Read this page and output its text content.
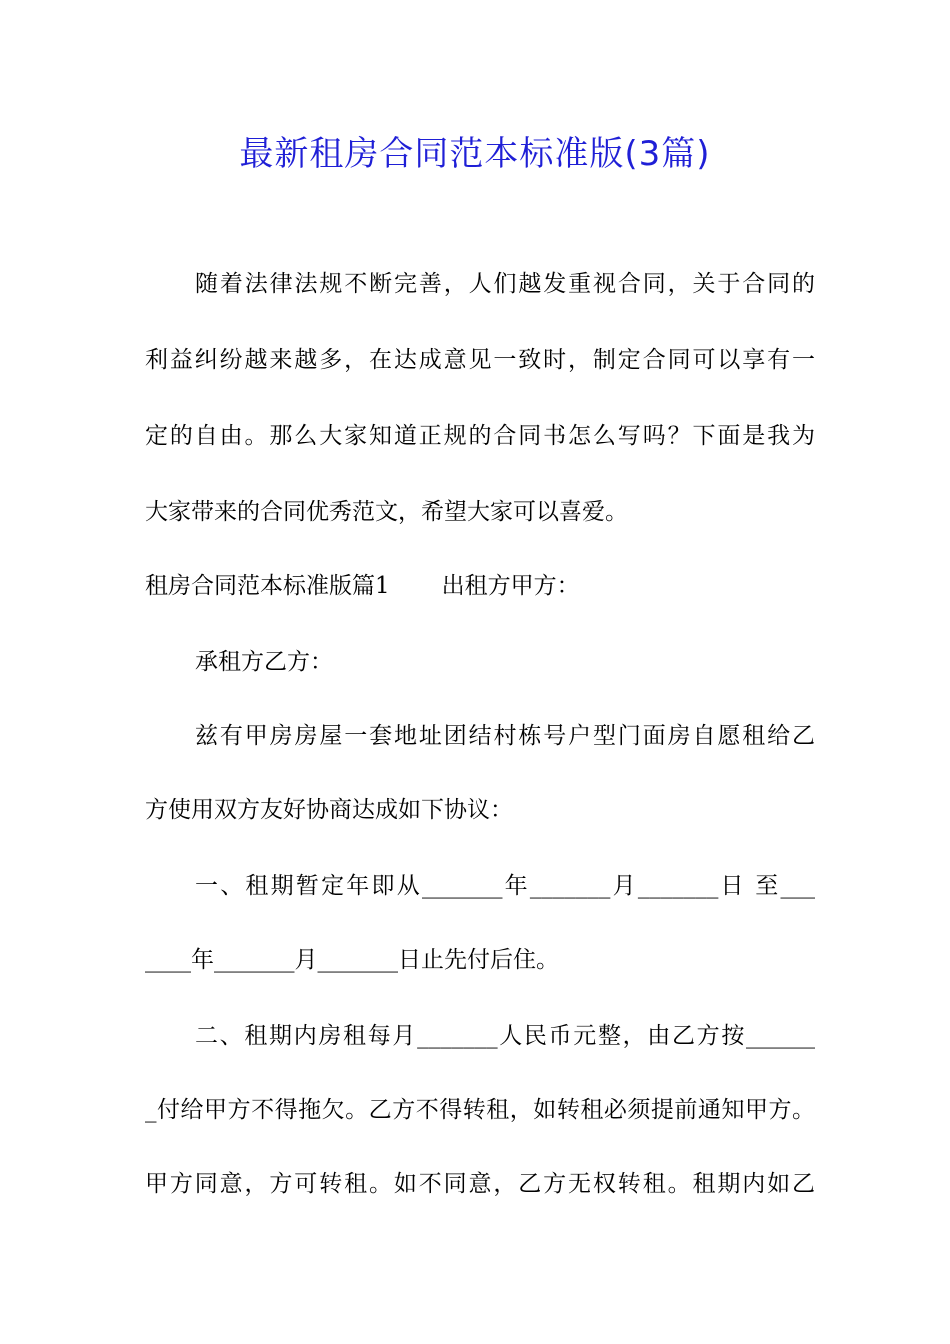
最新租房合同范本标准版(3篇)
随着法律法规不断完善，人们越发重视合同，关于合同的
利益纠纷越来越多，在达成意见一致时，制定合同可以享有一
定的自由。那么大家知道正规的合同书怎么写吗？下面是我为
大家带来的合同优秀范文，希望大家可以喜爱。
租房合同范本标准版篇1 出租方甲方：
承租方乙方：
兹有甲房房屋一套地址团结村栋号户型门面房自愿租给乙
方使用双方友好协商达成如下协议：
一、租期暂定年即从_______年_______月_______日 至___
____年_______月_______日止先付后住。
二、租期内房租每月_______人民币元整，由乙方按______
_付给甲方不得拖欠。乙方不得转租，如转租必须提前通知甲方。
甲方同意，方可转租。如不同意，乙方无权转租。租期内如乙
